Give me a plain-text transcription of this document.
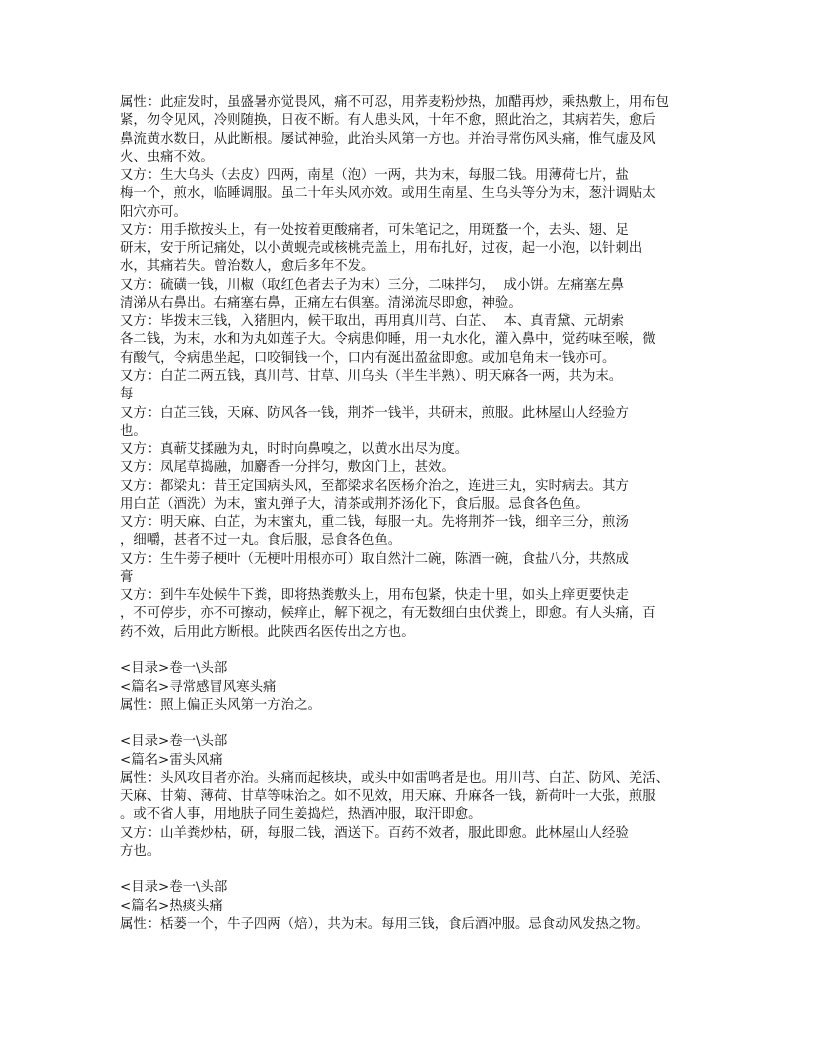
属性：此症发时，虽盛暑亦觉畏风，痛不可忍，用荞麦粉炒热，加醋再炒，乘热敷上，用布包
紧，勿令见风，冷则随换，日夜不断。有人患头风，十年不愈，照此治之，其病若失，愈后
鼻流黄水数日，从此断根。屡试神验，此治头风第一方也。并治寻常伤风头痛，惟气虚及风
火、虫痛不效。
又方：生大乌头（去皮）四两，南星（泡）一两，共为末，每服二钱。用薄荷七片，盐
梅一个，煎水，临睡调服。虽二十年头风亦效。或用生南星、生乌头等分为末，葱汁调贴太
阳穴亦可。
又方：用手揿按头上，有一处按着更酸痛者，可朱笔记之，用斑蝥一个，去头、翅、足
研末，安于所记痛处，以小黄蚬壳或核桃壳盖上，用布扎好，过夜，起一小泡，以针刺出
水，其痛若失。曾治数人，愈后多年不发。
又方：硫磺一钱，川椒（取红色者去子为末）三分，二味拌匀，  成小饼。左痛塞左鼻
清涕从右鼻出。右痛塞右鼻，正痛左右俱塞。清涕流尽即愈，神验。
又方：毕拨末三钱，入猪胆内，候干取出，再用真川芎、白芷、  本、真青黛、元胡索
各二钱，为末，水和为丸如莲子大。令病患仰睡，用一丸水化，灌入鼻中，觉药味至喉，微
有酸气，令病患坐起，口咬铜钱一个，口内有涎出盈盆即愈。或加皂角末一钱亦可。
又方：白芷二两五钱，真川芎、甘草、川乌头（半生半熟）、明天麻各一两，共为末。
每
又方：白芷三钱，天麻、防风各一钱，荆芥一钱半，共研末，煎服。此林屋山人经验方
也。
又方：真蕲艾揉融为丸，时时向鼻嗅之，以黄水出尽为度。
又方：凤尾草捣融，加麝香一分拌匀，敷囟门上，甚效。
又方：都梁丸：昔王定国病头风，至都梁求名医杨介治之，连进三丸，实时病去。其方
用白芷（酒洗）为末，蜜丸弹子大，清茶或荆芥汤化下，食后服。忌食各色鱼。
又方：明天麻、白芷，为末蜜丸，重二钱，每服一丸。先将荆芥一钱，细辛三分，煎汤
，细嚼，甚者不过一丸。食后服，忌食各色鱼。
又方：生牛蒡子梗叶（无梗叶用根亦可）取自然汁二碗，陈酒一碗，食盐八分，共熬成
膏
又方：到牛车处候牛下粪，即将热粪敷头上，用布包紧，快走十里，如头上痒更要快走
，不可停步，亦不可擦动，候痒止，解下视之，有无数细白虫伏粪上，即愈。有人头痛，百
药不效，后用此方断根。此陕西名医传出之方也。
<目录>卷一\头部
<篇名>寻常感冒风寒头痛
属性：照上偏正头风第一方治之。
<目录>卷一\头部
<篇名>雷头风痛
属性：头风攻目者亦治。头痛而起核块，或头中如雷鸣者是也。用川芎、白芷、防风、羌活、
天麻、甘菊、薄荷、甘草等味治之。如不见效，用天麻、升麻各一钱，新荷叶一大张，煎服
。或不省人事，用地肤子同生姜捣烂，热酒冲服，取汗即愈。
又方：山羊粪炒枯，研，每服二钱，酒送下。百药不效者，服此即愈。此林屋山人经验
方也。
<目录>卷一\头部
<篇名>热痰头痛
属性：栝蒌一个，牛子四两（焙），共为末。每用三钱，食后酒冲服。忌食动风发热之物。
